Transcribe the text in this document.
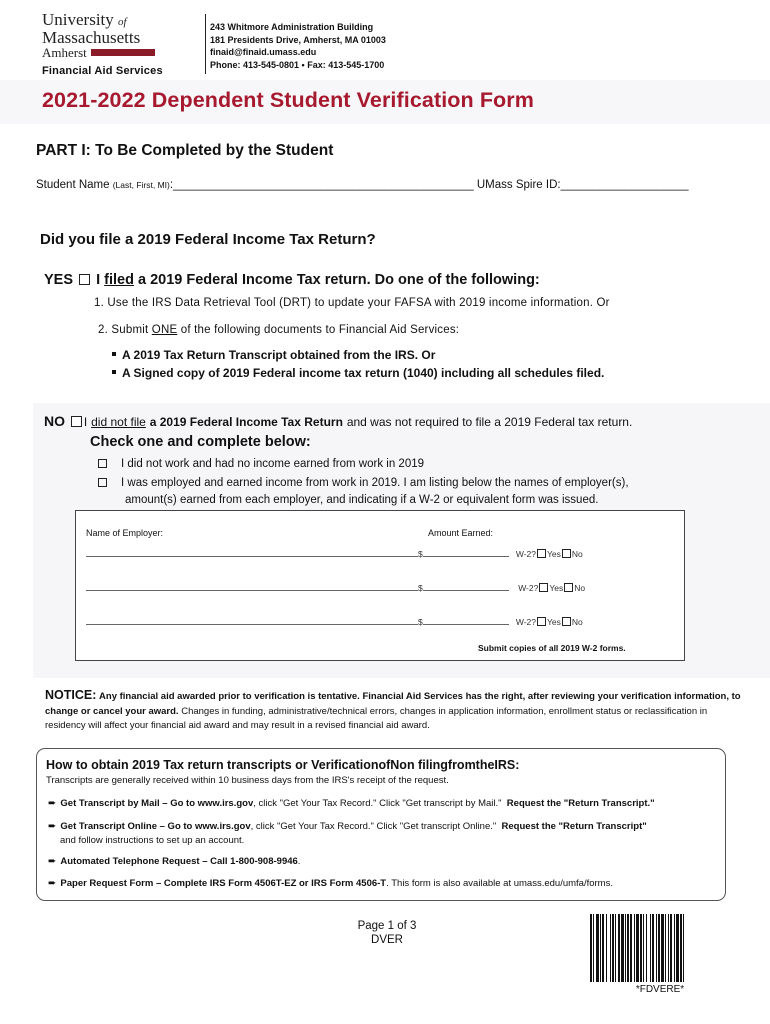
University of
Massachusetts
Amherst
Financial Aid Services
243 Whitmore Administration Building
181 Presidents Drive, Amherst, MA 01003
finaid@finaid.umass.edu
Phone: 413-545-0801 • Fax: 413-545-1700
2021-2022 Dependent Student Verification Form
PART I: To Be Completed by the Student
Student Name (Last, First, MI):_______________________________________________ UMass Spire ID:____________________
Did you file a 2019 Federal Income Tax Return?
YES I filed a 2019 Federal Income Tax return. Do one of the following:
1. Use the IRS Data Retrieval Tool (DRT) to update your FAFSA with 2019 income information. Or
2. Submit ONE of the following documents to Financial Aid Services:
A 2019 Tax Return Transcript obtained from the IRS. Or
A Signed copy of 2019 Federal income tax return (1040) including all schedules filed.
NO I did not file a 2019 Federal Income Tax Return and was not required to file a 2019 Federal tax return.
Check one and complete below:
I did not work and had no income earned from work in 2019
I was employed and earned income from work in 2019. I am listing below the names of employer(s),
amount(s) earned from each employer, and indicating if a W-2 or equivalent form was issued.
Name of Employer:	Amount Earned:
$	W-2? Yes No
$	W-2? Yes No
$	W-2? Yes No
Submit copies of all 2019 W-2 forms.
NOTICE: Any financial aid awarded prior to verification is tentative. Financial Aid Services has the right, after reviewing your verification information, to change or cancel your award. Changes in funding, administrative/technical errors, changes in application information, enrollment status or reclassification in residency will affect your financial aid award and may result in a revised financial aid award.
How to obtain 2019 Tax return transcripts or VerificationofNon filingfromtheIRS:
Transcripts are generally received within 10 business days from the IRS's receipt of the request.
➨ Get Transcript by Mail – Go to www.irs.gov, click "Get Your Tax Record." Click "Get transcript by Mail." Request the "Return Transcript."
➨ Get Transcript Online – Go to www.irs.gov, click "Get Your Tax Record." Click "Get transcript Online." Request the "Return Transcript"
and follow instructions to set up an account.
➨ Automated Telephone Request – Call 1-800-908-9946.
➨ Paper Request Form – Complete IRS Form 4506T-EZ or IRS Form 4506-T. This form is also available at umass.edu/umfa/forms.
Page 1 of 3
DVER
*FDVERE*
